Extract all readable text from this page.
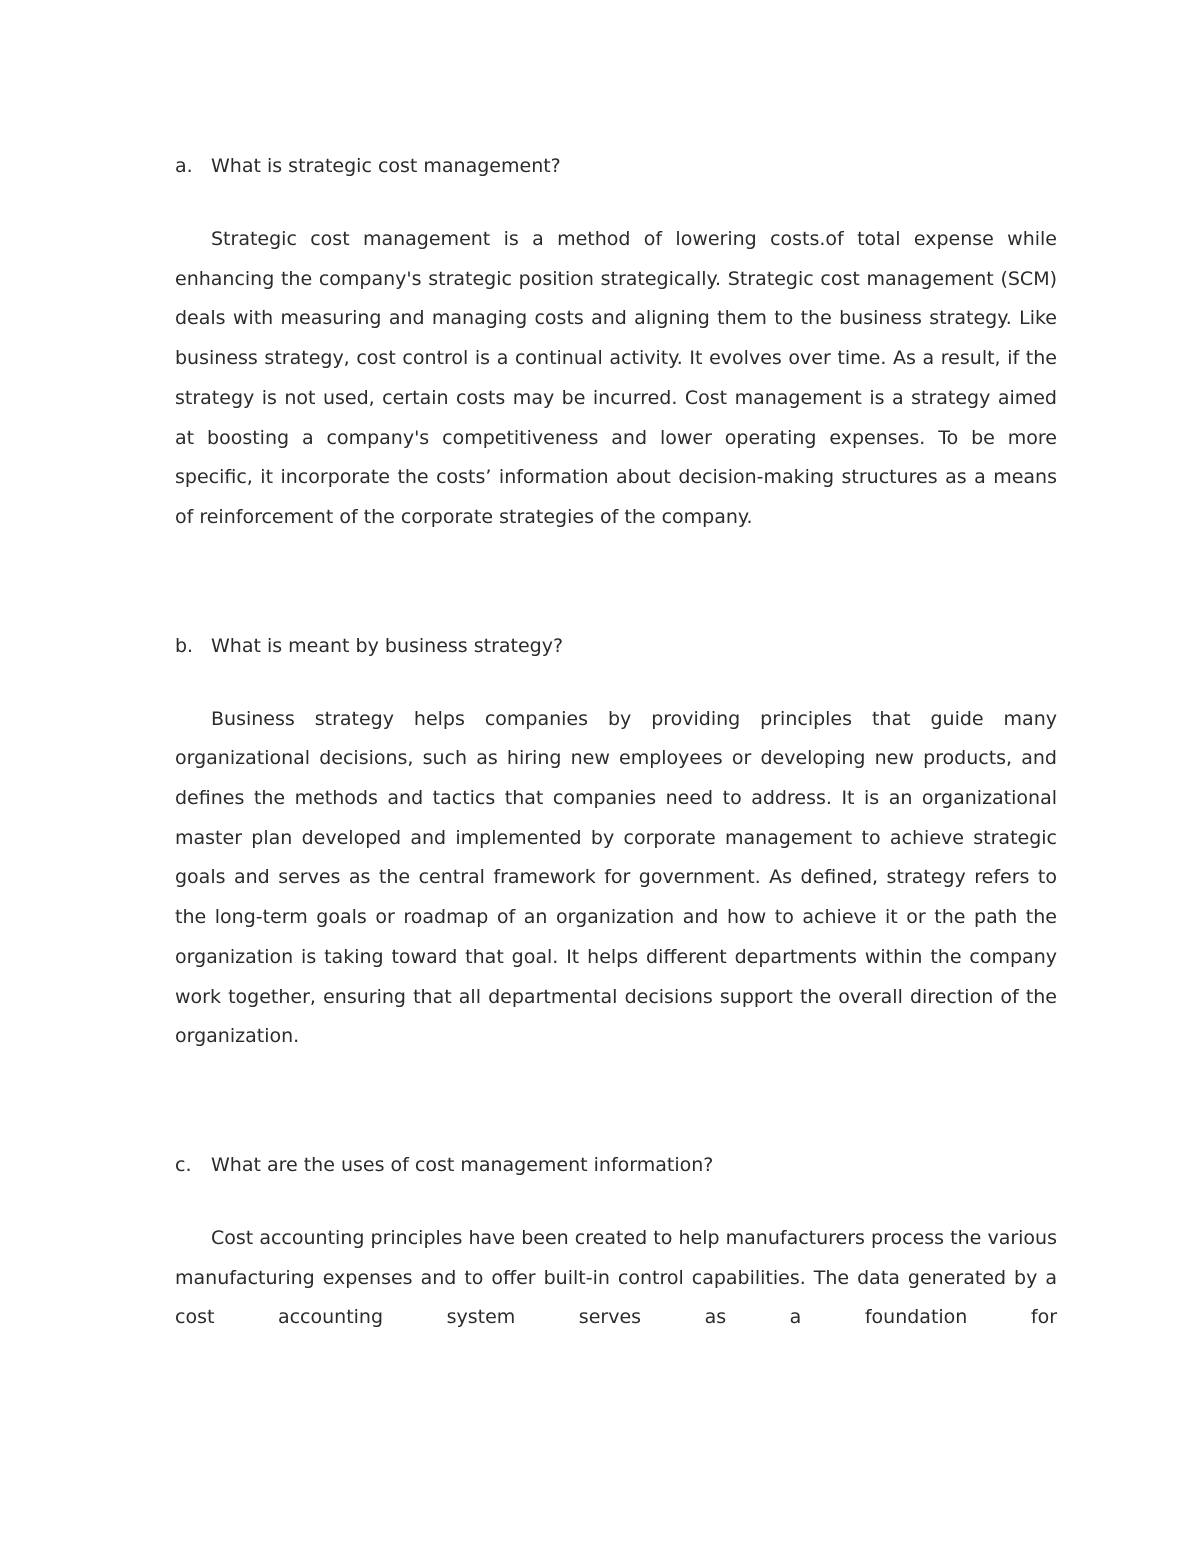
a. What is strategic cost management?

Strategic cost management is a method of lowering costs.of total expense while enhancing the company's strategic position strategically. Strategic cost management (SCM) deals with measuring and managing costs and aligning them to the business strategy. Like business strategy, cost control is a continual activity. It evolves over time. As a result, if the strategy is not used, certain costs may be incurred. Cost management is a strategy aimed at boosting a company's competitiveness and lower operating expenses. To be more specific, it incorporate the costs’ information about decision-making structures as a means of reinforcement of the corporate strategies of the company.

b. What is meant by business strategy?

Business strategy helps companies by providing principles that guide many organizational decisions, such as hiring new employees or developing new products, and defines the methods and tactics that companies need to address. It is an organizational master plan developed and implemented by corporate management to achieve strategic goals and serves as the central framework for government. As defined, strategy refers to the long-term goals or roadmap of an organization and how to achieve it or the path the organization is taking toward that goal. It helps different departments within the company work together, ensuring that all departmental decisions support the overall direction of the organization.

c.	What are the uses of cost management information?

Cost accounting principles have been created to help manufacturers process the various manufacturing expenses and to offer built-in control capabilities. The data generated by a cost accounting system serves as a foundation for
